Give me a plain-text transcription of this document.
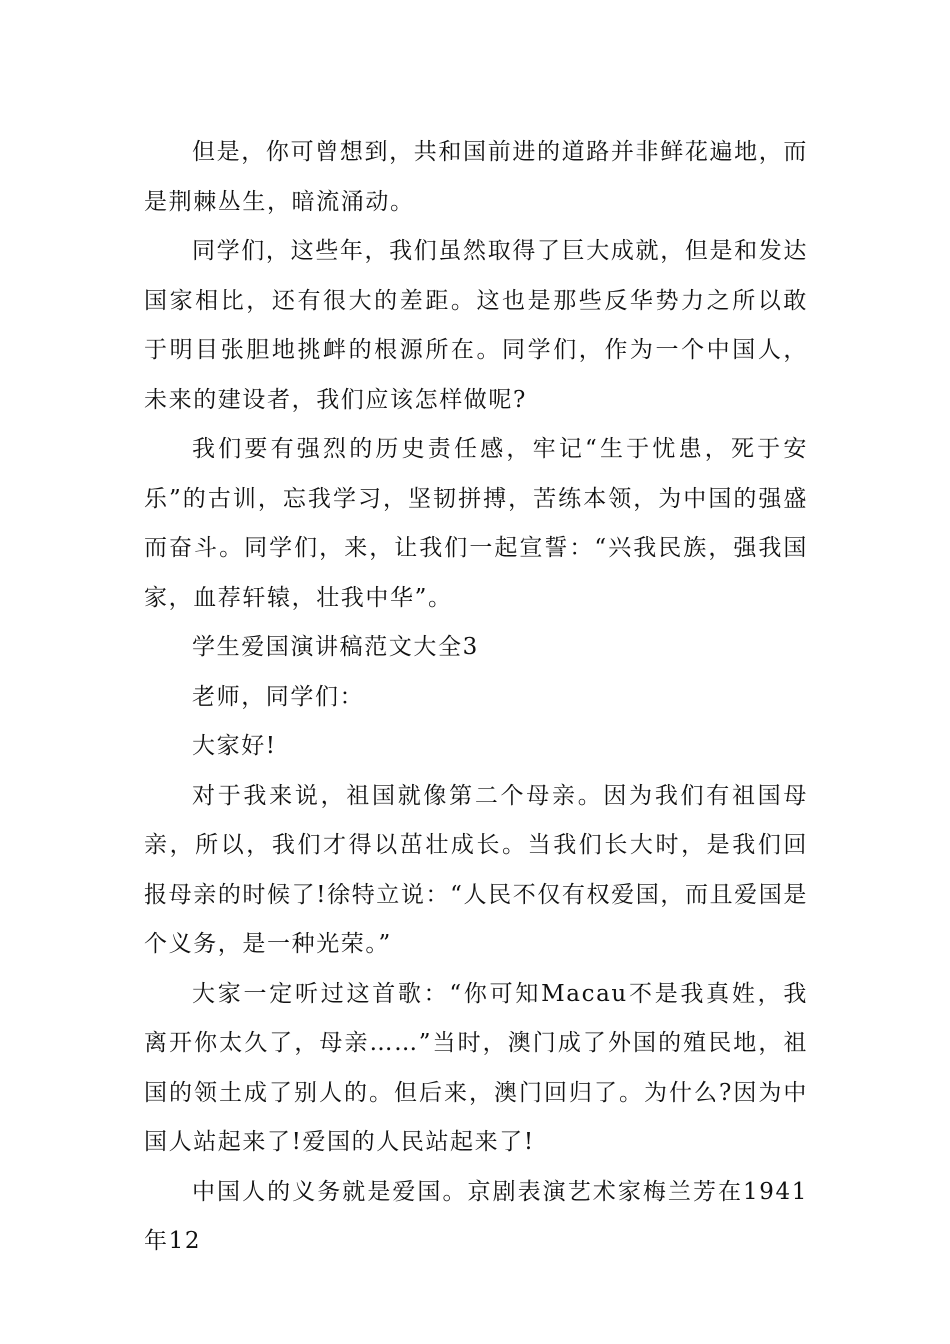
但是，你可曾想到，共和国前进的道路并非鲜花遍地，而是荆棘丛生，暗流涌动。

同学们，这些年，我们虽然取得了巨大成就，但是和发达国家相比，还有很大的差距。这也是那些反华势力之所以敢于明目张胆地挑衅的根源所在。同学们，作为一个中国人，未来的建设者，我们应该怎样做呢?

我们要有强烈的历史责任感，牢记“生于忧患，死于安乐”的古训，忘我学习，坚韧拼搏，苦练本领，为中国的强盛而奋斗。同学们，来，让我们一起宣誓：“兴我民族，强我国家，血荐轩辕，壮我中华”。

学生爱国演讲稿范文大全3

老师，同学们：

大家好!

对于我来说，祖国就像第二个母亲。因为我们有祖国母亲，所以，我们才得以茁壮成长。当我们长大时，是我们回报母亲的时候了!徐特立说：“人民不仅有权爱国，而且爱国是个义务，是一种光荣。”

大家一定听过这首歌：“你可知Macau不是我真姓，我离开你太久了，母亲……”当时，澳门成了外国的殖民地，祖国的领土成了别人的。但后来，澳门回归了。为什么?因为中国人站起来了!爱国的人民站起来了!

中国人的义务就是爱国。京剧表演艺术家梅兰芳在1941年12
